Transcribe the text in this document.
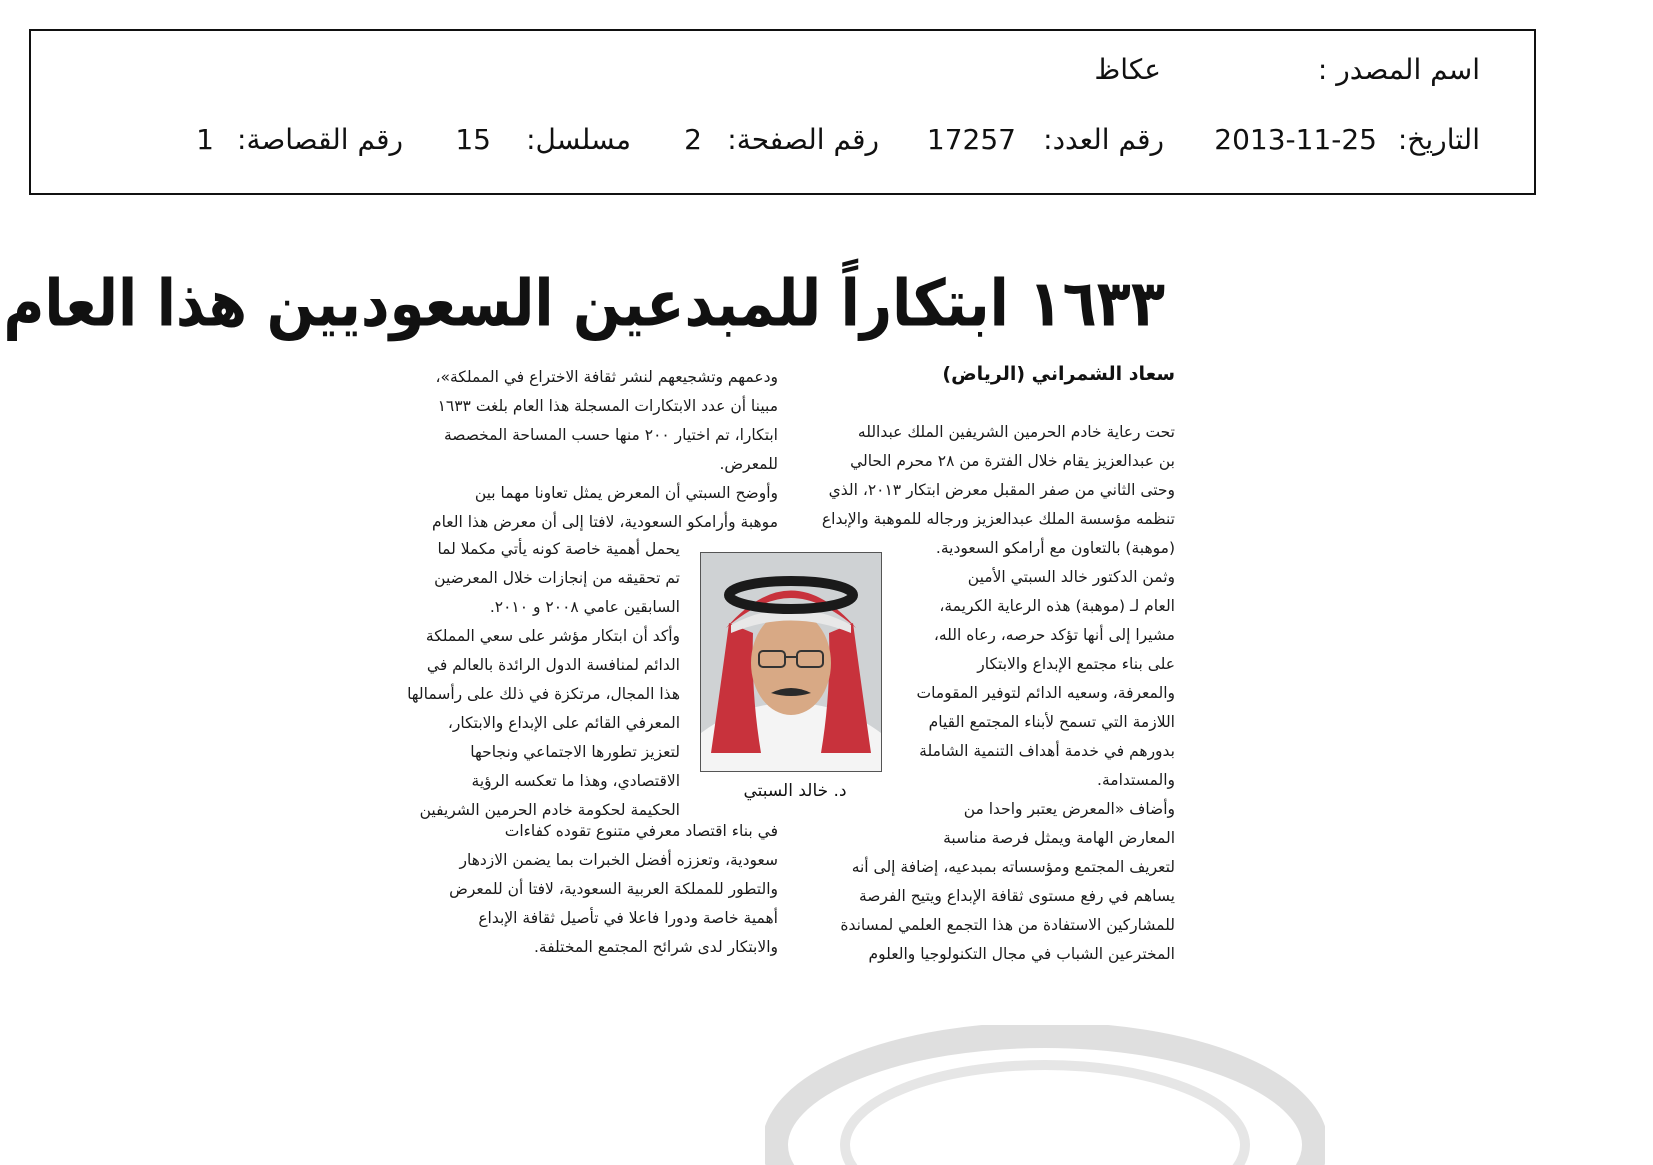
اسم المصدر :
عكاظ
التاريخ:
2013-11-25
رقم العدد:
17257
رقم الصفحة:
2
مسلسل:
15
رقم القصاصة:
1
١٦٣٣ ابتكاراً للمبدعين السعوديين هذا العام
سعاد الشمراني (الرياض)
تحت رعاية خادم الحرمين الشريفين الملك عبدالله
بن عبدالعزيز يقام خلال الفترة من ٢٨ محرم الحالي
وحتى الثاني من صفر المقبل معرض ابتكار ٢٠١٣، الذي
تنظمه مؤسسة الملك عبدالعزيز ورجاله للموهبة والإبداع
(موهبة) بالتعاون مع أرامكو السعودية.
وثمن الدكتور خالد السبتي الأمين
العام لـ (موهبة) هذه الرعاية الكريمة،
مشيرا إلى أنها تؤكد حرصه، رعاه الله،
على بناء مجتمع الإبداع والابتكار
والمعرفة، وسعيه الدائم لتوفير المقومات
اللازمة التي تسمح لأبناء المجتمع القيام
بدورهم في خدمة أهداف التنمية الشاملة
والمستدامة.
وأضاف «المعرض يعتبر واحدا من
المعارض الهامة ويمثل فرصة مناسبة
لتعريف المجتمع ومؤسساته بمبدعيه، إضافة إلى أنه
يساهم في رفع مستوى ثقافة الإبداع ويتيح الفرصة
للمشاركين الاستفادة من هذا التجمع العلمي لمساندة
المخترعين الشباب في مجال التكنولوجيا والعلوم
ودعمهم وتشجيعهم لنشر ثقافة الاختراع في المملكة»،
مبينا أن عدد الابتكارات المسجلة هذا العام بلغت ١٦٣٣
ابتكارا، تم اختيار ٢٠٠ منها حسب المساحة المخصصة
للمعرض.
وأوضح السبتي أن المعرض يمثل تعاونا مهما بين
موهبة وأرامكو السعودية، لافتا إلى أن معرض هذا العام
يحمل أهمية خاصة كونه يأتي مكملا لما
تم تحقيقه من إنجازات خلال المعرضين
السابقين عامي ٢٠٠٨ و ٢٠١٠.
وأكد أن ابتكار مؤشر على سعي المملكة
الدائم لمنافسة الدول الرائدة بالعالم في
هذا المجال، مرتكزة في ذلك على رأسمالها
المعرفي القائم على الإبداع والابتكار،
لتعزيز تطورها الاجتماعي ونجاحها
الاقتصادي، وهذا ما تعكسه الرؤية
الحكيمة لحكومة خادم الحرمين الشريفين
في بناء اقتصاد معرفي متنوع تقوده كفاءات
سعودية، وتعززه أفضل الخبرات بما يضمن الازدهار
والتطور للمملكة العربية السعودية، لافتا أن للمعرض
أهمية خاصة ودورا فاعلا في تأصيل ثقافة الإبداع
والابتكار لدى شرائح المجتمع المختلفة.
د. خالد السبتي
